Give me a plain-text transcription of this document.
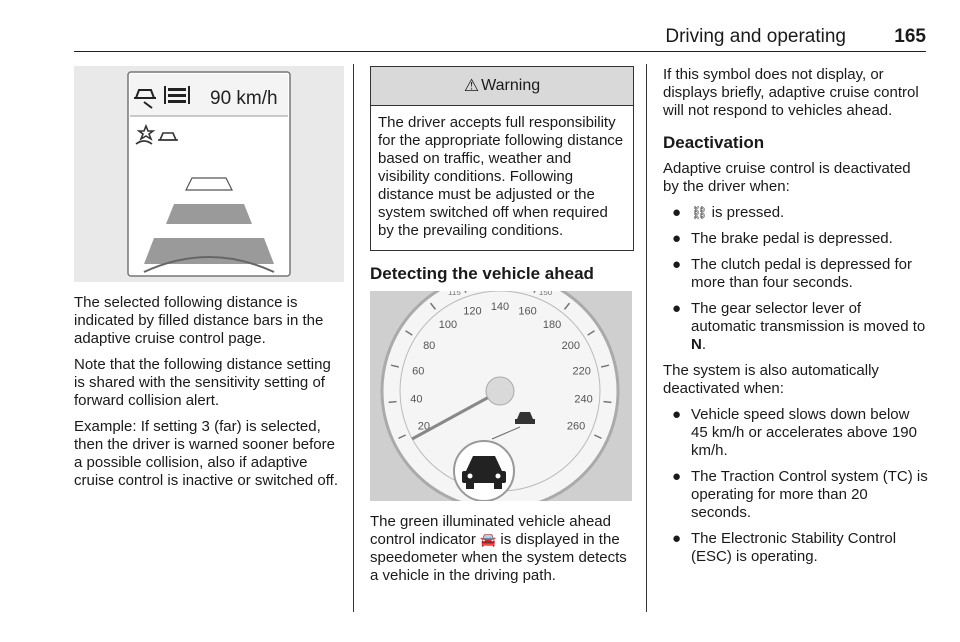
Driving and operating	165
90 km/h

The selected following distance is indicated by filled distance bars in the adaptive cruise control page.

Note that the following distance setting is shared with the sensitivity setting of forward collision alert.

Example: If setting 3 (far) is selected, then the driver is warned sooner before a possible collision, also if adaptive cruise control is inactive or switched off.

⚠ Warning
The driver accepts full responsibility for the appropriate following distance based on traffic, weather and visibility conditions. Following distance must be adjusted or the system switched off when required by the prevailing conditions.
Detecting the vehicle ahead
20
40
60
80
100
120 140 160
180
200
220
240
260
115	150

The green illuminated vehicle ahead control indicator 🚘 is displayed in the speedometer when the system detects a vehicle in the driving path.

If this symbol does not display, or displays briefly, adaptive cruise control will not respond to vehicles ahead.

Deactivation

Adaptive cruise control is deactivated by the driver when:

● ⛓ is pressed.
● The brake pedal is depressed.
● The clutch pedal is depressed for more than four seconds.
● The gear selector lever of automatic transmission is moved to N.

The system is also automatically deactivated when:

● Vehicle speed slows down below 45 km/h or accelerates above 190 km/h.
● The Traction Control system (TC) is operating for more than 20 seconds.
● The Electronic Stability Control (ESC) is operating.
